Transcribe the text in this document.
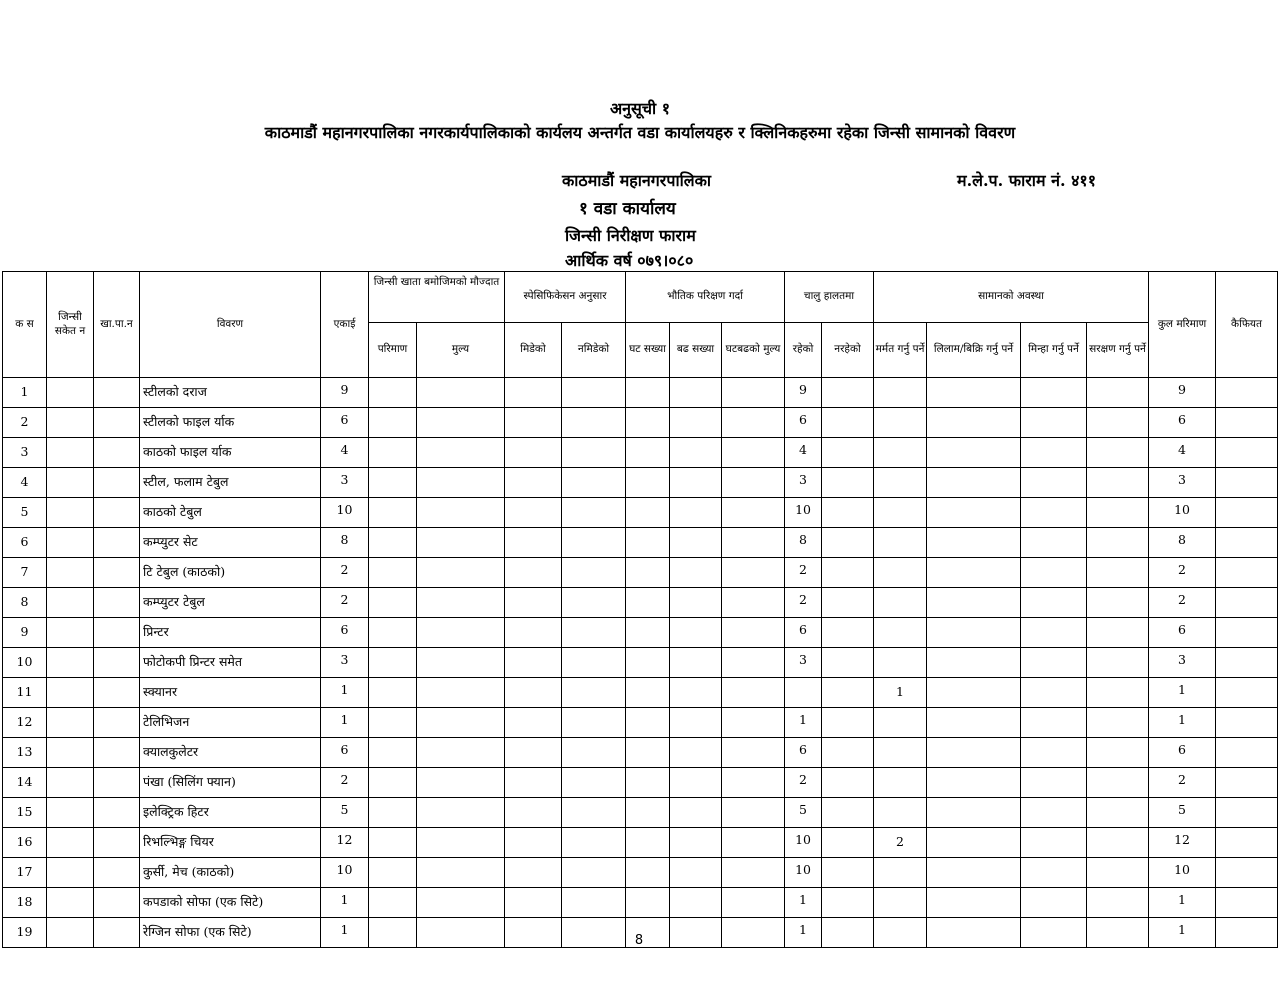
अनुसूची १
काठमाडौं महानगरपालिका नगरकार्यपालिकाको कार्यलय अन्तर्गत वडा कार्यालयहरु र क्लिनिकहरुमा रहेका जिन्सी सामानको विवरण
काठमाडौं महानगरपालिका	म.ले.प. फाराम नं. ४११
१ वडा कार्यालय
जिन्सी निरीक्षण फाराम
आर्थिक वर्ष ०७९।०८०
क स	जिन्सी सकेत न	खा.पा.न	विवरण	एकाई	जिन्सी खाता बमोजिमको मौज्दात		स्पेसिफिकेसन अनुसार		भौतिक परिक्षण गर्दा			चालु हालतमा		सामानको अवस्था				कुल मरिमाण	कैफियत
					परिमाण	मुल्य	मिडेको	नमिडेको	घट सख्या	बढ सख्या	घटबढको मुल्य	रहेको	नरहेको	मर्मत गर्नु पर्ने	लिलाम/बिक्रि गर्नु पर्ने	मिन्हा गर्नु पर्ने	सरक्षण गर्नु पर्ने		
1			स्टीलको दराज	9								9						9	
2			स्टीलको फाइल र्याक	6								6						6	
3			काठको फाइल र्याक	4								4						4	
4			स्टील, फलाम टेबुल	3								3						3	
5			काठको टेबुल	10								10						10	
6			कम्प्युटर सेट	8								8						8	
7			टि टेबुल (काठको)	2								2						2	
8			कम्प्युटर टेबुल	2								2						2	
9			प्रिन्टर	6								6						6	
10			फोटोकपी प्रिन्टर समेत	3								3						3	
11			स्क्यानर	1										1				1	
12			टेलिभिजन	1								1						1	
13			क्यालकुलेटर	6								6						6	
14			पंखा (सिलिंग फ्यान)	2								2						2	
15			इलेक्ट्रिक हिटर	5								5						5	
16			रिभल्भिङ्ग चियर	12								10		2				12	
17			कुर्सी, मेच (काठको)	10								10						10	
18			कपडाको सोफा (एक सिटे)	1								1						1	
19			रेग्जिन सोफा (एक सिटे)	1								1						1	
8
